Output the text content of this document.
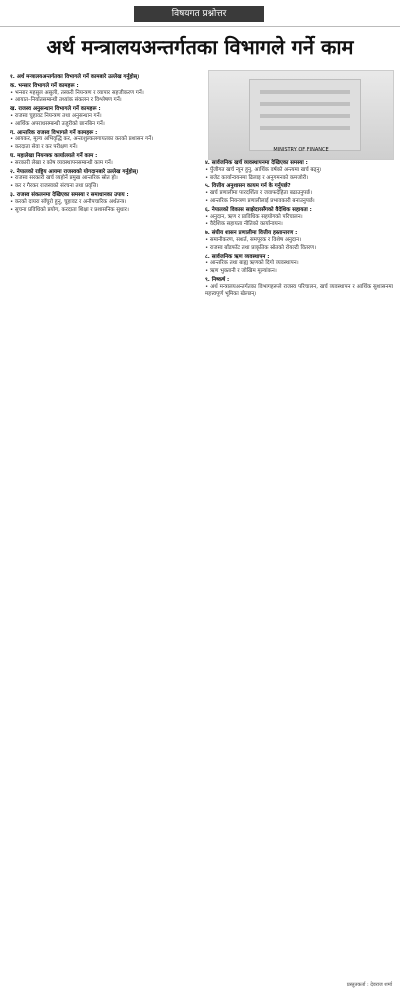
विषयगत प्रश्नोत्तर
अर्थ मन्त्रालयअन्तर्गतका विभागले गर्ने काम
MINISTRY OF FINANCE
१. अर्थ मन्त्रालयअन्तर्गतका विभागले गर्ने कामबारे उल्लेख गर्नुहोस्।
क. भन्सार विभागले गर्ने कामहरू :
• भन्सार महसुल असुली, तस्करी नियन्त्रण र व्यापार सहजीकरण गर्ने।
• आयात–निर्यातसम्बन्धी तथ्यांक संकलन र विश्लेषण गर्ने।
ख. राजस्व अनुसन्धान विभागले गर्ने कामहरू :
• राजस्व चुहावट नियन्त्रण तथा अनुसन्धान गर्ने।
• आर्थिक अपराधसम्बन्धी उजुरीको छानबिन गर्ने।
ग. आन्तरिक राजस्व विभागले गर्ने कामहरू :
• आयकर, मूल्य अभिवृद्धि कर, अन्तःशुल्कलगायतका करको प्रशासन गर्ने।
• करदाता सेवा र कर परीक्षण गर्ने।
घ. महालेखा नियन्त्रक कार्यालयले गर्ने काम :
• सरकारी लेखा र कोष व्यवस्थापनसम्बन्धी काम गर्ने।
२. नेपालको राष्ट्रिय आयमा राजस्वको योगदानबारे उल्लेख गर्नुहोस्।
• राजस्व सरकारी खर्च व्यहोर्ने प्रमुख आन्तरिक स्रोत हो।
• कर र गैरकर राजस्वको संरचना तथा प्रवृत्ति।
३. राजस्व संकलनमा देखिएका समस्या र समाधानका उपाय :
• करको दायरा साँघुरो हुनु, चुहावट र अनौपचारिक अर्थतन्त्र।
• सूचना प्रविधिको प्रयोग, करदाता शिक्षा र प्रशासनिक सुधार।
४. सार्वजनिक खर्च व्यवस्थापनमा देखिएका समस्या :
• पुँजीगत खर्च न्यून हुनु, आर्थिक वर्षको अन्त्यमा खर्च बढ्नु।
• बजेट कार्यान्वयनमा ढिलाइ र अनुगमनको कमजोरी।
५. वित्तीय अनुशासन कायम गर्न के गर्नुपर्छ?
• खर्च प्रणालीमा पारदर्शिता र जवाफदेहिता बढाउनुपर्छ।
• आन्तरिक नियन्त्रण प्रणालीलाई प्रभावकारी बनाउनुपर्छ।
६. नेपालको विकास साझेदारसँगको वैदेशिक सहायता :
• अनुदान, ऋण र प्राविधिक सहयोगको परिचालन।
• वैदेशिक सहायता नीतिको कार्यान्वयन।
७. संघीय शासन प्रणालीमा वित्तीय हस्तान्तरण :
• समानीकरण, सशर्त, समपूरक र विशेष अनुदान।
• राजस्व बाँडफाँट तथा प्राकृतिक स्रोतको रोयल्टी वितरण।
८. सार्वजनिक ऋण व्यवस्थापन :
• आन्तरिक तथा बाह्य ऋणको दिगो व्यवस्थापन।
• ऋण भुक्तानी र जोखिम मूल्यांकन।
९. निष्कर्ष :
• अर्थ मन्त्रालयअन्तर्गतका विभागहरूले राजस्व परिचालन, खर्च व्यवस्थापन र आर्थिक सुशासनमा महत्त्वपूर्ण भूमिका खेल्छन्।
प्रस्तुतकर्ता : देवराज शर्मा
